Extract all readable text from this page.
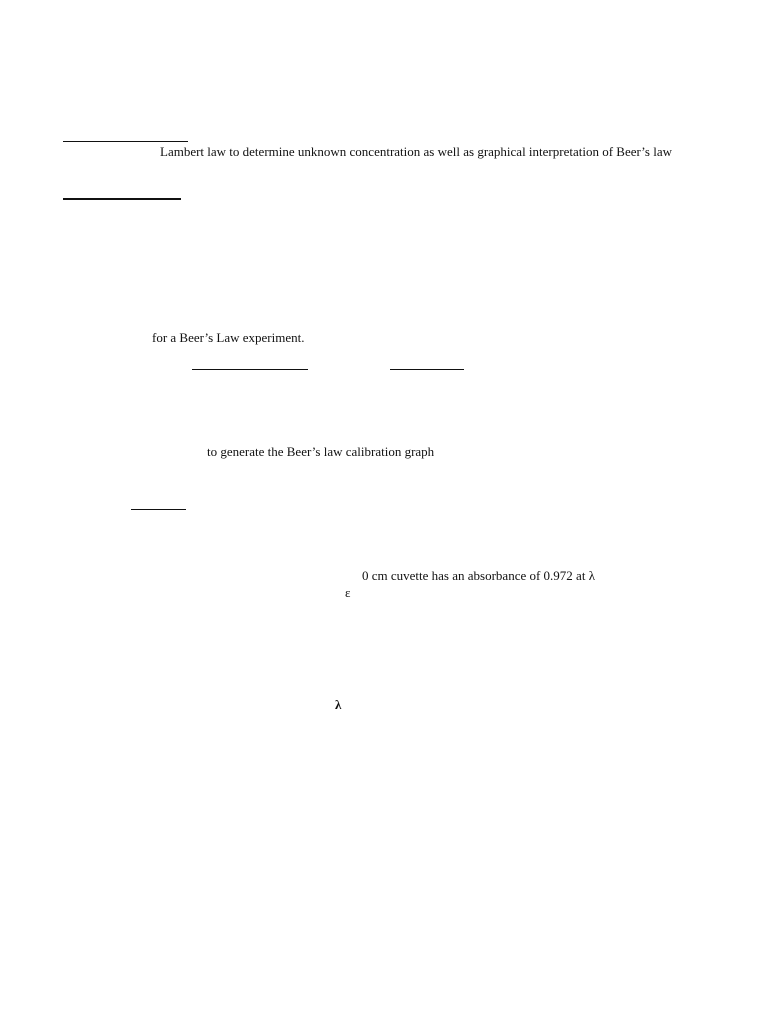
Lambert law to determine unknown concentration as well as graphical interpretation of Beer’s law
for a Beer’s Law experiment.
to generate the Beer’s law calibration graph
0 cm cuvette has an absorbance of 0.972 at λ
ε
λ
